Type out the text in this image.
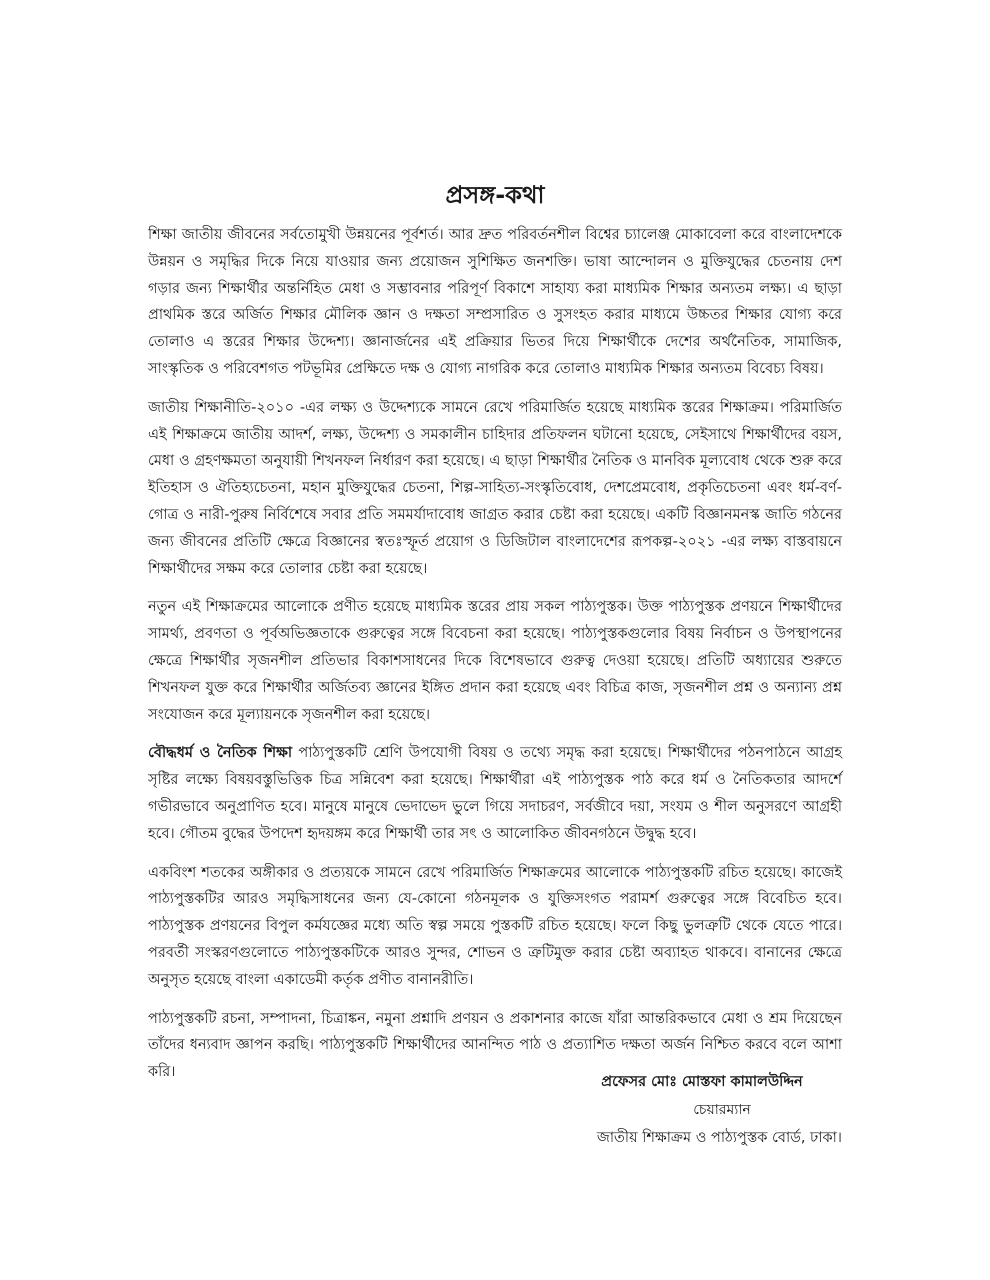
প্রসঙ্গ-কথা

শিক্ষা জাতীয় জীবনের সর্বতোমুখী উন্নয়নের পূর্বশর্ত। আর দ্রুত পরিবর্তনশীল বিশ্বের চ্যালেঞ্জ মোকাবেলা করে বাংলাদেশকে উন্নয়ন ও সমৃদ্ধির দিকে নিয়ে যাওয়ার জন্য প্রয়োজন সুশিক্ষিত জনশক্তি। ভাষা আন্দোলন ও মুক্তিযুদ্ধের চেতনায় দেশ গড়ার জন্য শিক্ষার্থীর অন্তর্নিহিত মেধা ও সম্ভাবনার পরিপূর্ণ বিকাশে সাহায্য করা মাধ্যমিক শিক্ষার অন্যতম লক্ষ্য। এ ছাড়া প্রাথমিক স্তরে অর্জিত শিক্ষার মৌলিক জ্ঞান ও দক্ষতা সম্প্রসারিত ও সুসংহত করার মাধ্যমে উচ্চতর শিক্ষার যোগ্য করে তোলাও এ স্তরের শিক্ষার উদ্দেশ্য। জ্ঞানার্জনের এই প্রক্রিয়ার ভিতর দিয়ে শিক্ষার্থীকে দেশের অর্থনৈতিক, সামাজিক, সাংস্কৃতিক ও পরিবেশগত পটভূমির প্রেক্ষিতে দক্ষ ও যোগ্য নাগরিক করে তোলাও মাধ্যমিক শিক্ষার অন্যতম বিবেচ্য বিষয়।

জাতীয় শিক্ষানীতি-২০১০ -এর লক্ষ্য ও উদ্দেশ্যকে সামনে রেখে পরিমার্জিত হয়েছে মাধ্যমিক স্তরের শিক্ষাক্রম। পরিমার্জিত এই শিক্ষাক্রমে জাতীয় আদর্শ, লক্ষ্য, উদ্দেশ্য ও সমকালীন চাহিদার প্রতিফলন ঘটানো হয়েছে, সেইসাথে শিক্ষার্থীদের বয়স, মেধা ও গ্রহণক্ষমতা অনুযায়ী শিখনফল নির্ধারণ করা হয়েছে। এ ছাড়া শিক্ষার্থীর নৈতিক ও মানবিক মূল্যবোধ থেকে শুরু করে ইতিহাস ও ঐতিহ্যচেতনা, মহান মুক্তিযুদ্ধের চেতনা, শিল্প-সাহিত্য-সংস্কৃতিবোধ, দেশপ্রেমবোধ, প্রকৃতিচেতনা এবং ধর্ম-বর্ণ-গোত্র ও নারী-পুরুষ নির্বিশেষে সবার প্রতি সমমর্যাদাবোধ জাগ্রত করার চেষ্টা করা হয়েছে। একটি বিজ্ঞানমনস্ক জাতি গঠনের জন্য জীবনের প্রতিটি ক্ষেত্রে বিজ্ঞানের স্বতঃস্ফূর্ত প্রয়োগ ও ডিজিটাল বাংলাদেশের রূপকল্প-২০২১ -এর লক্ষ্য বাস্তবায়নে শিক্ষার্থীদের সক্ষম করে তোলার চেষ্টা করা হয়েছে।

নতুন এই শিক্ষাক্রমের আলোকে প্রণীত হয়েছে মাধ্যমিক স্তরের প্রায় সকল পাঠ্যপুস্তক। উক্ত পাঠ্যপুস্তক প্রণয়নে শিক্ষার্থীদের সামর্থ্য, প্রবণতা ও পূর্বঅভিজ্ঞতাকে গুরুত্বের সঙ্গে বিবেচনা করা হয়েছে। পাঠ্যপুস্তকগুলোর বিষয় নির্বাচন ও উপস্থাপনের ক্ষেত্রে শিক্ষার্থীর সৃজনশীল প্রতিভার বিকাশসাধনের দিকে বিশেষভাবে গুরুত্ব দেওয়া হয়েছে। প্রতিটি অধ্যায়ের শুরুতে শিখনফল যুক্ত করে শিক্ষার্থীর অর্জিতব্য জ্ঞানের ইঙ্গিত প্রদান করা হয়েছে এবং বিচিত্র কাজ, সৃজনশীল প্রশ্ন ও অন্যান্য প্রশ্ন সংযোজন করে মূল্যায়নকে সৃজনশীল করা হয়েছে।

বৌদ্ধধর্ম ও নৈতিক শিক্ষা পাঠ্যপুস্তকটি শ্রেণি উপযোগী বিষয় ও তথ্যে সমৃদ্ধ করা হয়েছে। শিক্ষার্থীদের পঠনপাঠনে আগ্রহ সৃষ্টির লক্ষ্যে বিষয়বস্তুভিত্তিক চিত্র সন্নিবেশ করা হয়েছে। শিক্ষার্থীরা এই পাঠ্যপুস্তক পাঠ করে ধর্ম ও নৈতিকতার আদর্শে গভীরভাবে অনুপ্রাণিত হবে। মানুষে মানুষে ভেদাভেদ ভুলে গিয়ে সদাচরণ, সর্বজীবে দয়া, সংযম ও শীল অনুসরণে আগ্রহী হবে। গৌতম বুদ্ধের উপদেশ হৃদয়ঙ্গম করে শিক্ষার্থী তার সৎ ও আলোকিত জীবনগঠনে উদ্বুদ্ধ হবে।

একবিংশ শতকের অঙ্গীকার ও প্রত্যয়কে সামনে রেখে পরিমার্জিত শিক্ষাক্রমের আলোকে পাঠ্যপুস্তকটি রচিত হয়েছে। কাজেই পাঠ্যপুস্তকটির আরও সমৃদ্ধিসাধনের জন্য যে-কোনো গঠনমূলক ও যুক্তিসংগত পরামর্শ গুরুত্বের সঙ্গে বিবেচিত হবে। পাঠ্যপুস্তক প্রণয়নের বিপুল কর্মযজ্ঞের মধ্যে অতি স্বল্প সময়ে পুস্তকটি রচিত হয়েছে। ফলে কিছু ভুলত্রুটি থেকে যেতে পারে। পরবর্তী সংস্করণগুলোতে পাঠ্যপুস্তকটিকে আরও সুন্দর, শোভন ও ত্রুটিমুক্ত করার চেষ্টা অব্যাহত থাকবে। বানানের ক্ষেত্রে অনুসৃত হয়েছে বাংলা একাডেমী কর্তৃক প্রণীত বানানরীতি।

পাঠ্যপুস্তকটি রচনা, সম্পাদনা, চিত্রাঙ্কন, নমুনা প্রশ্নাদি প্রণয়ন ও প্রকাশনার কাজে যাঁরা আন্তরিকভাবে মেধা ও শ্রম দিয়েছেন তাঁদের ধন্যবাদ জ্ঞাপন করছি। পাঠ্যপুস্তকটি শিক্ষার্থীদের আনন্দিত পাঠ ও প্রত্যাশিত দক্ষতা অর্জন নিশ্চিত করবে বলে আশা করি।

প্রফেসর মোঃ মোস্তফা কামালউদ্দিন
চেয়ারম্যান
জাতীয় শিক্ষাক্রম ও পাঠ্যপুস্তক বোর্ড, ঢাকা।
